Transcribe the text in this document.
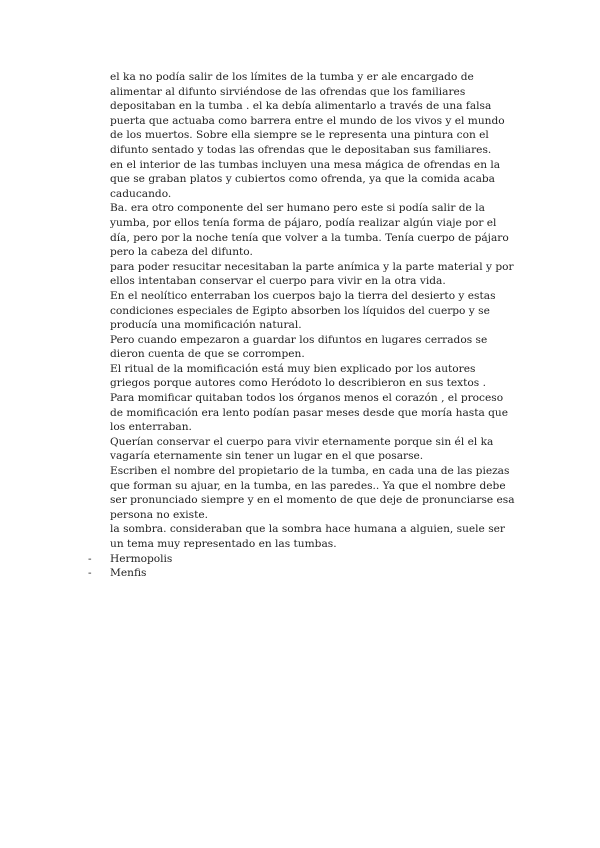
el ka no podía salir de los límites de la tumba y er ale encargado de alimentar al difunto sirviéndose de las ofrendas que los familiares depositaban en la tumba . el ka debía alimentarlo a través de una falsa puerta que actuaba como barrera entre el mundo de los vivos y el mundo de los muertos. Sobre ella siempre se le representa una pintura con el difunto sentado y todas las ofrendas que le depositaban sus familiares.

en el interior de las tumbas incluyen una mesa mágica de ofrendas en la que se graban platos y cubiertos como ofrenda, ya que la comida acaba caducando.

Ba. era otro componente del ser humano pero este si podía salir de la yumba, por ellos tenía forma de pájaro, podía realizar algún viaje por el día, pero por la noche tenía que volver a la tumba. Tenía cuerpo de pájaro pero la cabeza del difunto.

para poder resucitar necesitaban la parte anímica y la parte material y por ellos intentaban conservar el cuerpo para vivir en la otra vida.

En el neolítico enterraban los cuerpos bajo la tierra del desierto y estas condiciones especiales de Egipto absorben los líquidos del cuerpo y se producía una momificación natural.

Pero cuando empezaron a guardar los difuntos en lugares cerrados se dieron cuenta de que se corrompen.

El ritual de la momificación está muy bien explicado por los autores griegos porque autores como Heródoto lo describieron en sus textos .

Para momificar quitaban todos los órganos menos el corazón , el proceso de momificación era lento podían pasar meses desde que moría hasta que los enterraban.

Querían conservar el cuerpo para vivir eternamente porque sin él el ka vagaría eternamente sin tener un lugar en el que posarse.

Escriben el nombre del propietario de la tumba, en cada una de las piezas que forman su ajuar, en la tumba, en las paredes.. Ya que el nombre debe ser pronunciado siempre y en el momento de que deje de pronunciarse esa persona no existe.

la sombra. consideraban que la sombra hace humana a alguien, suele ser un tema muy representado en las tumbas.

- Hermopolis
- Menfis
